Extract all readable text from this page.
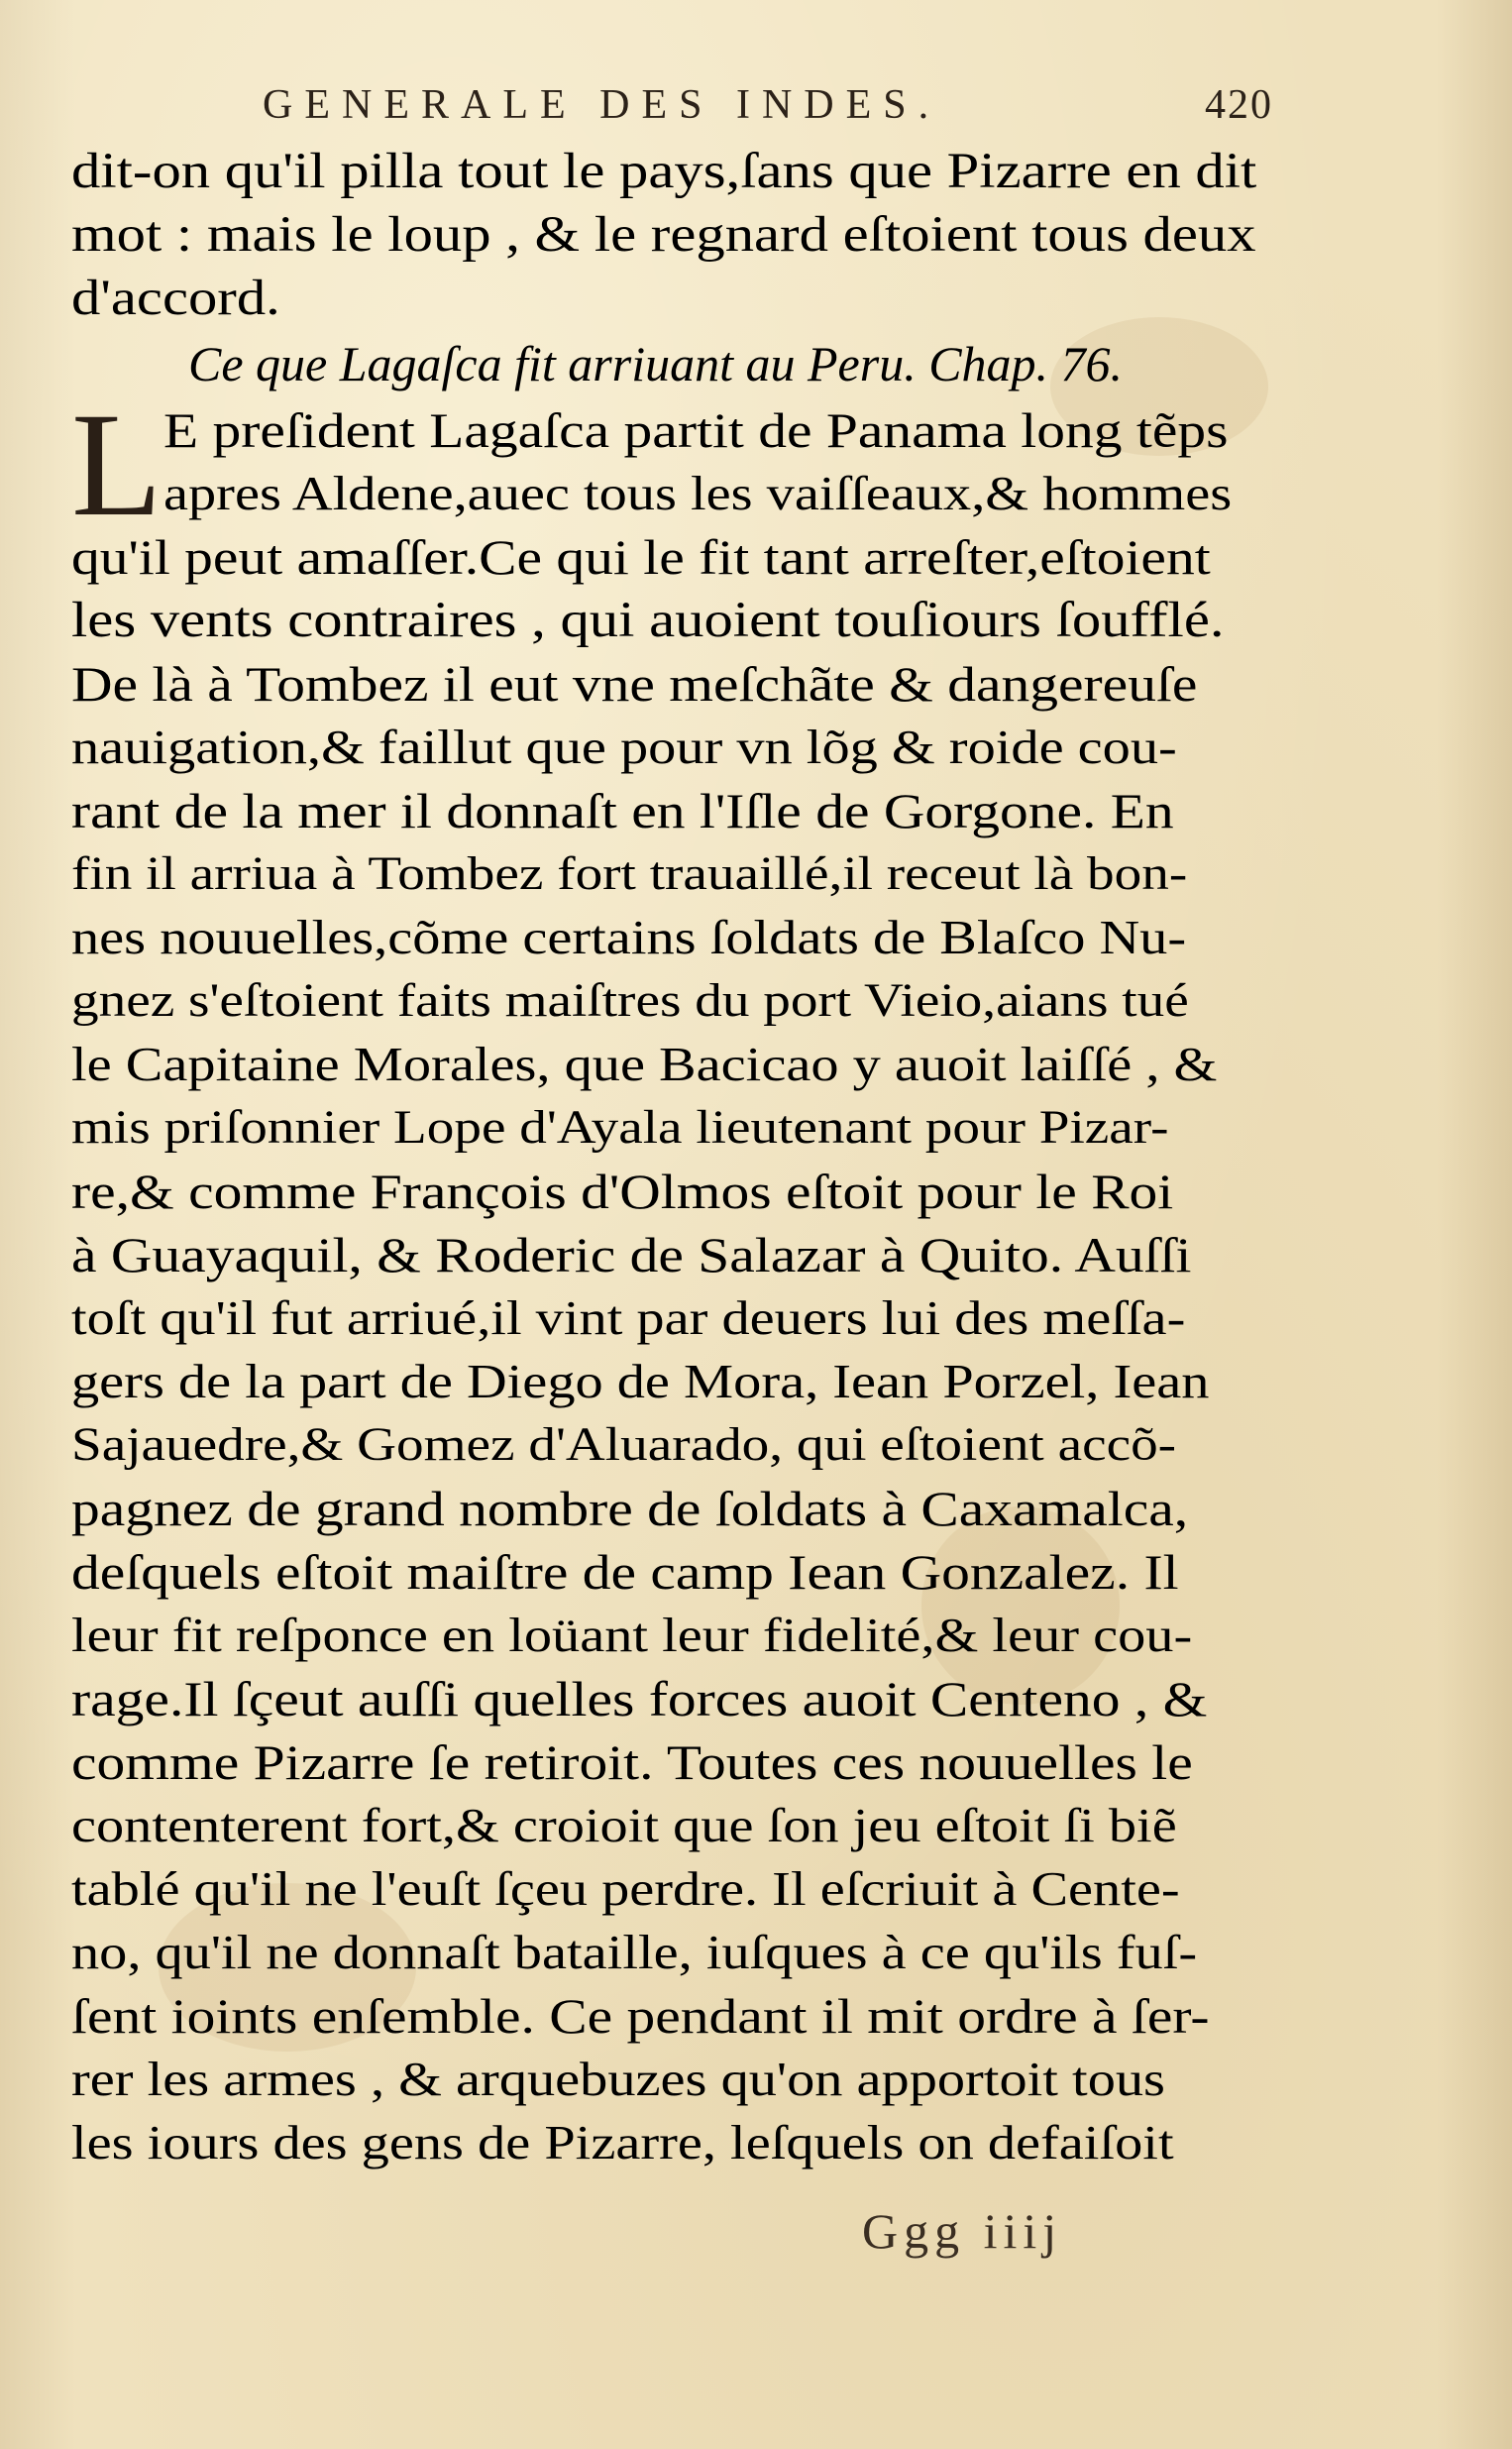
GENERALE DES INDES.	420
dit-on qu'il pilla tout le pays,ſans que Pizarre en dit
mot : mais le loup , & le regnard eſtoient tous deux
d'accord.
Ce que Lagaſca fit arriuant au Peru. Chap. 76.
L E preſident Lagaſca partit de Panama long tẽps
apres Aldene,auec tous les vaiſſeaux,& hommes
qu'il peut amaſſer.Ce qui le fit tant arreſter,eſtoient
les vents contraires , qui auoient touſiours ſoufflé.
De là à Tombez il eut vne meſchãte & dangereuſe
nauigation,& faillut que pour vn lõg & roide cou-
rant de la mer il donnaſt en l'Iſle de Gorgone. En
fin il arriua à Tombez fort trauaillé,il receut là bon-
nes nouuelles,cõme certains ſoldats de Blaſco Nu-
gnez s'eſtoient faits maiſtres du port Vieio,aians tué
le Capitaine Morales, que Bacicao y auoit laiſſé , &
mis priſonnier Lope d'Ayala lieutenant pour Pizar-
re,& comme François d'Olmos eſtoit pour le Roi
à Guayaquil, & Roderic de Salazar à Quito. Auſſi
toſt qu'il fut arriué,il vint par deuers lui des meſſa-
gers de la part de Diego de Mora, Iean Porzel, Iean
Sajauedre,& Gomez d'Aluarado, qui eſtoient accõ-
pagnez de grand nombre de ſoldats à Caxamalca,
deſquels eſtoit maiſtre de camp Iean Gonzalez. Il
leur fit reſponce en loüant leur fidelité,& leur cou-
rage.Il ſçeut auſſi quelles forces auoit Centeno , &
comme Pizarre ſe retiroit. Toutes ces nouuelles le
contenterent fort,& croioit que ſon jeu eſtoit ſi biẽ
tablé qu'il ne l'euſt ſçeu perdre. Il eſcriuit à Cente-
no, qu'il ne donnaſt bataille, iuſques à ce qu'ils fuſ-
ſent ioints enſemble. Ce pendant il mit ordre à ſer-
rer les armes , & arquebuzes qu'on apportoit tous
les iours des gens de Pizarre, leſquels on defaiſoit
Ggg iiij
